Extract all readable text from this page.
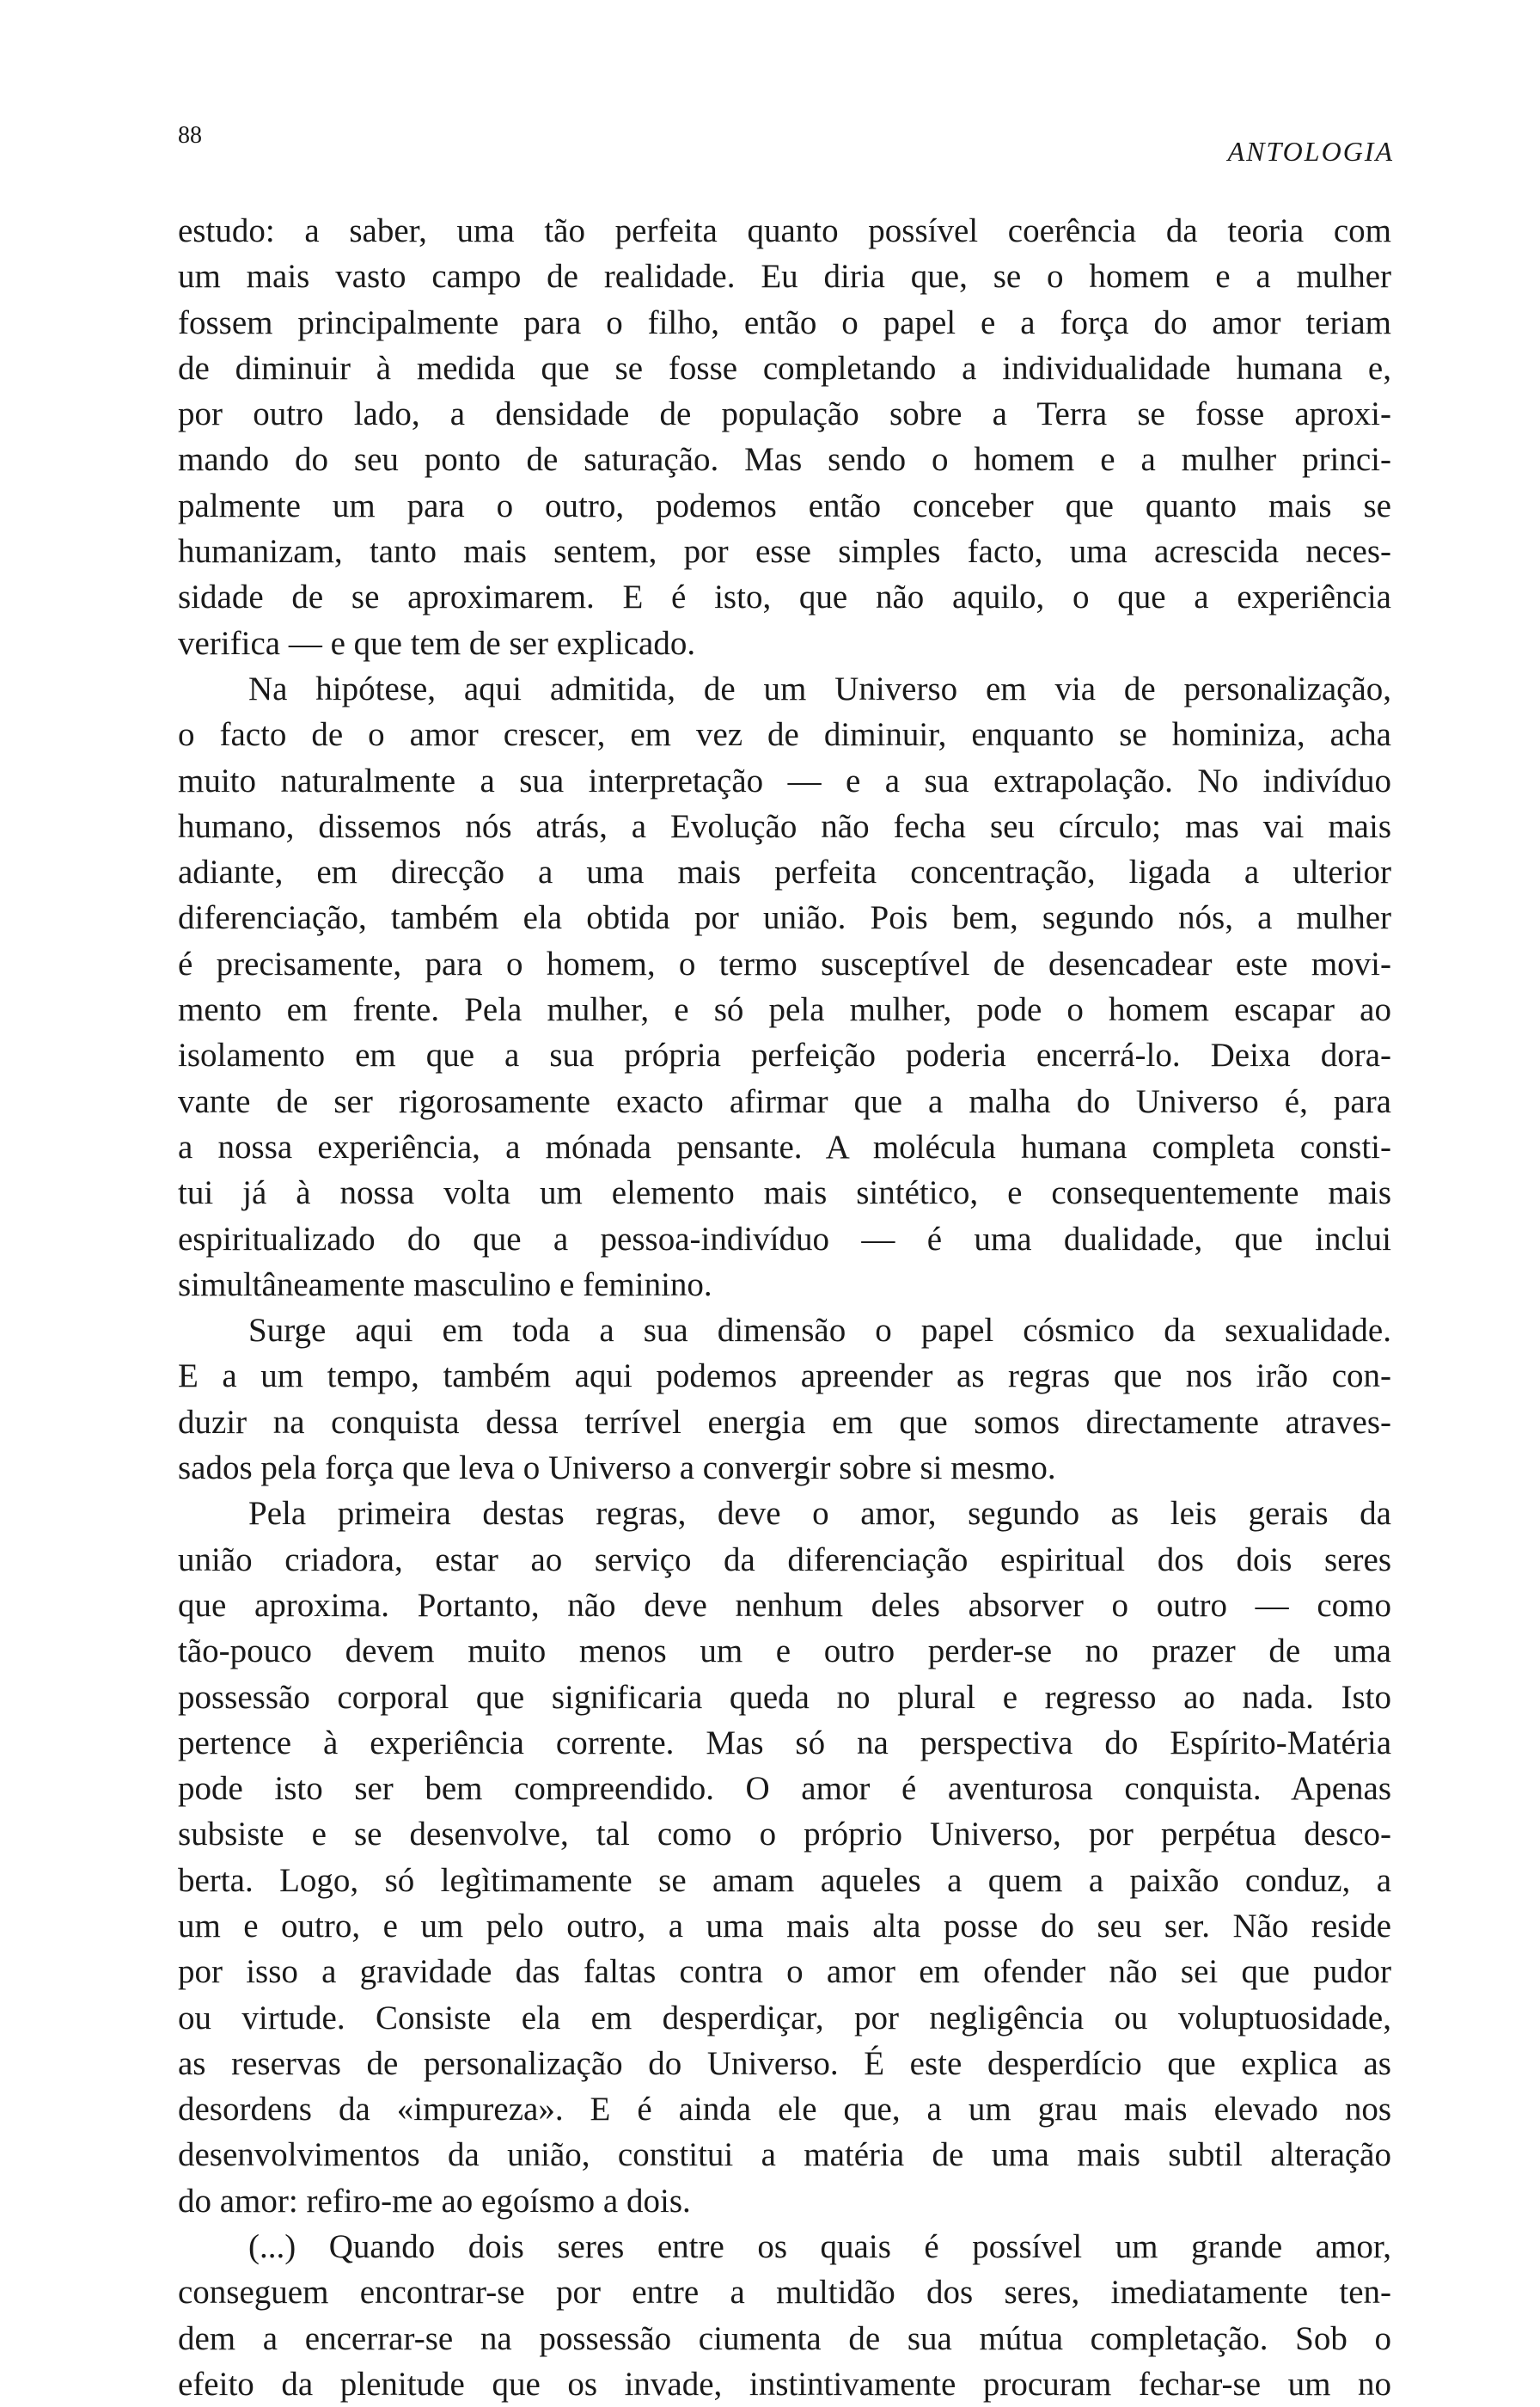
88
ANTOLOGIA
estudo: a saber, uma tão perfeita quanto possível coerência da teoria com
um mais vasto campo de realidade. Eu diria que, se o homem e a mulher
fossem principalmente para o filho, então o papel e a força do amor teriam
de diminuir à medida que se fosse completando a individualidade humana e,
por outro lado, a densidade de população sobre a Terra se fosse aproxi-
mando do seu ponto de saturação. Mas sendo o homem e a mulher princi-
palmente um para o outro, podemos então conceber que quanto mais se
humanizam, tanto mais sentem, por esse simples facto, uma acrescida neces-
sidade de se aproximarem. E é isto, que não aquilo, o que a experiência
verifica — e que tem de ser explicado.
Na hipótese, aqui admitida, de um Universo em via de personalização,
o facto de o amor crescer, em vez de diminuir, enquanto se hominiza, acha
muito naturalmente a sua interpretação — e a sua extrapolação. No indivíduo
humano, dissemos nós atrás, a Evolução não fecha seu círculo; mas vai mais
adiante, em direcção a uma mais perfeita concentração, ligada a ulterior
diferenciação, também ela obtida por união. Pois bem, segundo nós, a mulher
é precisamente, para o homem, o termo susceptível de desencadear este movi-
mento em frente. Pela mulher, e só pela mulher, pode o homem escapar ao
isolamento em que a sua própria perfeição poderia encerrá-lo. Deixa dora-
vante de ser rigorosamente exacto afirmar que a malha do Universo é, para
a nossa experiência, a mónada pensante. A molécula humana completa consti-
tui já à nossa volta um elemento mais sintético, e consequentemente mais
espiritualizado do que a pessoa-indivíduo — é uma dualidade, que inclui
simultâneamente masculino e feminino.
Surge aqui em toda a sua dimensão o papel cósmico da sexualidade.
E a um tempo, também aqui podemos apreender as regras que nos irão con-
duzir na conquista dessa terrível energia em que somos directamente atraves-
sados pela força que leva o Universo a convergir sobre si mesmo.
Pela primeira destas regras, deve o amor, segundo as leis gerais da
união criadora, estar ao serviço da diferenciação espiritual dos dois seres
que aproxima. Portanto, não deve nenhum deles absorver o outro — como
tão-pouco devem muito menos um e outro perder-se no prazer de uma
possessão corporal que significaria queda no plural e regresso ao nada. Isto
pertence à experiência corrente. Mas só na perspectiva do Espírito-Matéria
pode isto ser bem compreendido. O amor é aventurosa conquista. Apenas
subsiste e se desenvolve, tal como o próprio Universo, por perpétua desco-
berta. Logo, só legìtimamente se amam aqueles a quem a paixão conduz, a
um e outro, e um pelo outro, a uma mais alta posse do seu ser. Não reside
por isso a gravidade das faltas contra o amor em ofender não sei que pudor
ou virtude. Consiste ela em desperdiçar, por negligência ou voluptuosidade,
as reservas de personalização do Universo. É este desperdício que explica as
desordens da «impureza». E é ainda ele que, a um grau mais elevado nos
desenvolvimentos da união, constitui a matéria de uma mais subtil alteração
do amor: refiro-me ao egoísmo a dois.
(...) Quando dois seres entre os quais é possível um grande amor,
conseguem encontrar-se por entre a multidão dos seres, imediatamente ten-
dem a encerrar-se na possessão ciumenta de sua mútua completação. Sob o
efeito da plenitude que os invade, instintivamente procuram fechar-se um no
